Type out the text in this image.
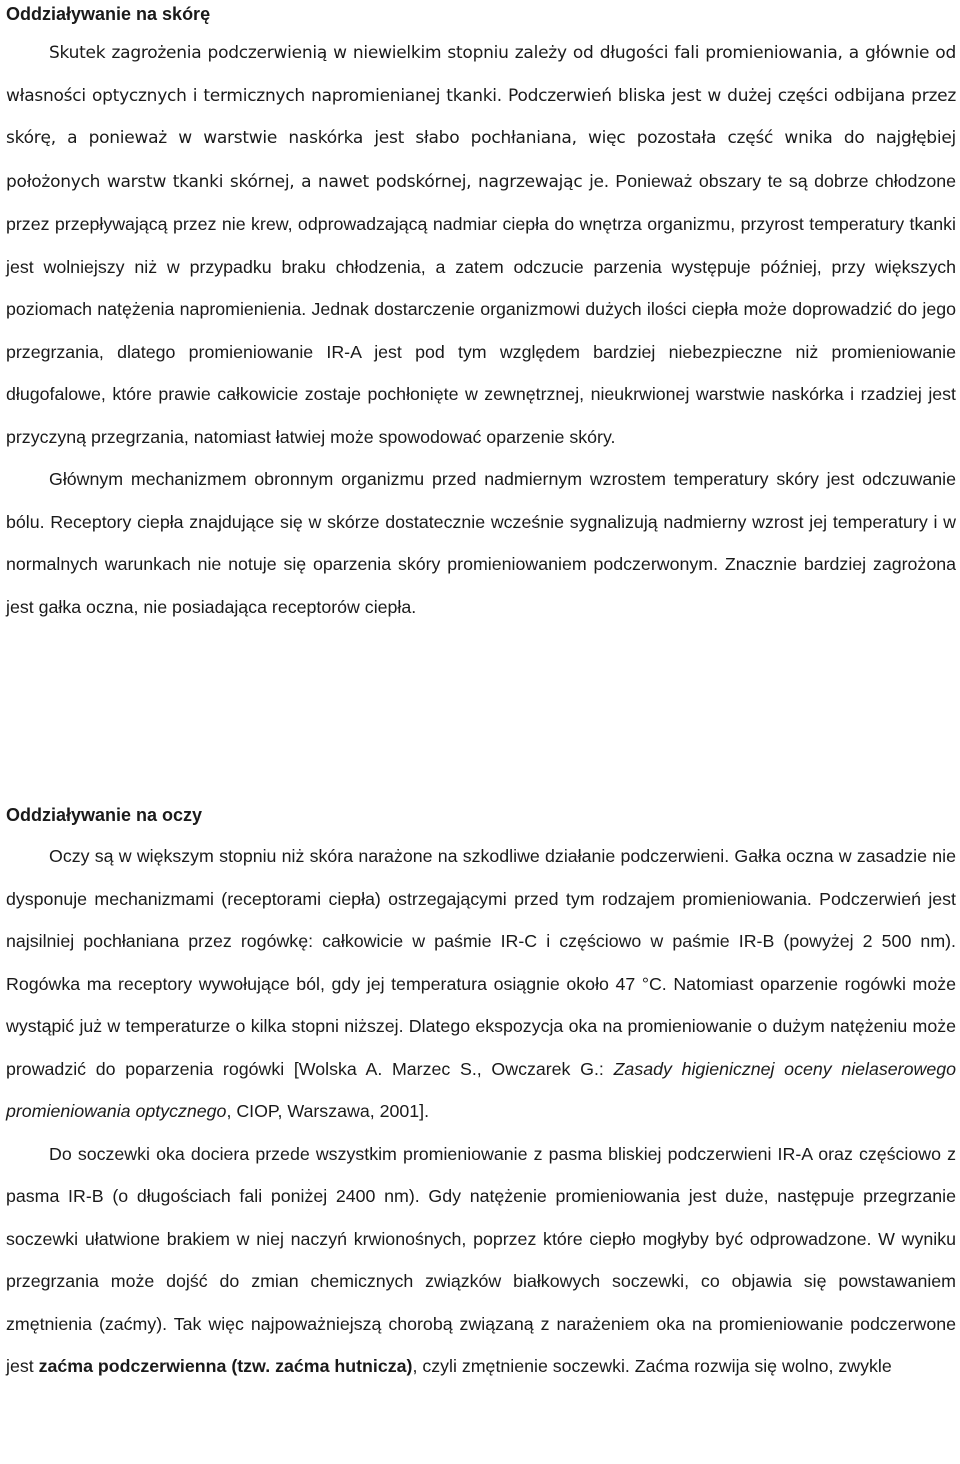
Oddziaływanie na skórę

Skutek zagrożenia podczerwienią w niewielkim stopniu zależy od długości fali promieniowania, a głównie od własności optycznych i termicznych napromienianej tkanki. Podczerwień bliska jest w dużej części odbijana przez skórę, a ponieważ w warstwie naskórka jest słabo pochłaniana, więc pozostała część wnika do najgłębiej położonych warstw tkanki skórnej, a nawet podskórnej, nagrzewając je. Ponieważ obszary te są dobrze chłodzone przez przepływającą przez nie krew, odprowadzającą nadmiar ciepła do wnętrza organizmu, przyrost temperatury tkanki jest wolniejszy niż w przypadku braku chłodzenia, a zatem odczucie parzenia występuje później, przy większych poziomach natężenia napromienienia. Jednak dostarczenie organizmowi dużych ilości ciepła może doprowadzić do jego przegrzania, dlatego promieniowanie IR-A jest pod tym względem bardziej niebezpieczne niż promieniowanie długofalowe, które prawie całkowicie zostaje pochłonięte w zewnętrznej, nieukrwionej warstwie naskórka i rzadziej jest przyczyną przegrzania, natomiast łatwiej może spowodować oparzenie skóry.

Głównym mechanizmem obronnym organizmu przed nadmiernym wzrostem temperatury skóry jest odczuwanie bólu. Receptory ciepła znajdujące się w skórze dostatecznie wcześnie sygnalizują nadmierny wzrost jej temperatury i w normalnych warunkach nie notuje się oparzenia skóry promieniowaniem podczerwonym. Znacznie bardziej zagrożona jest gałka oczna, nie posiadająca receptorów ciepła.

Oddziaływanie na oczy

Oczy są w większym stopniu niż skóra narażone na szkodliwe działanie podczerwieni. Gałka oczna w zasadzie nie dysponuje mechanizmami (receptorami ciepła) ostrzegającymi przed tym rodzajem promieniowania. Podczerwień jest najsilniej pochłaniana przez rogówkę: całkowicie w paśmie IR-C i częściowo w paśmie IR-B (powyżej 2 500 nm). Rogówka ma receptory wywołujące ból, gdy jej temperatura osiągnie około 47 °C. Natomiast oparzenie rogówki może wystąpić już w temperaturze o kilka stopni niższej. Dlatego ekspozycja oka na promieniowanie o dużym natężeniu może prowadzić do poparzenia rogówki [Wolska A. Marzec S., Owczarek G.: Zasady higienicznej oceny nielaserowego promieniowania optycznego, CIOP, Warszawa, 2001].

Do soczewki oka dociera przede wszystkim promieniowanie z pasma bliskiej podczerwieni IR-A oraz częściowo z pasma IR-B (o długościach fali poniżej 2400 nm). Gdy natężenie promieniowania jest duże, następuje przegrzanie soczewki ułatwione brakiem w niej naczyń krwionośnych, poprzez które ciepło mogłyby być odprowadzone. W wyniku przegrzania może dojść do zmian chemicznych związków białkowych soczewki, co objawia się powstawaniem zmętnienia (zaćmy). Tak więc najpoważniejszą chorobą związaną z narażeniem oka na promieniowanie podczerwone jest zaćma podczerwienna (tzw. zaćma hutnicza), czyli zmętnienie soczewki. Zaćma rozwija się wolno, zwykle
